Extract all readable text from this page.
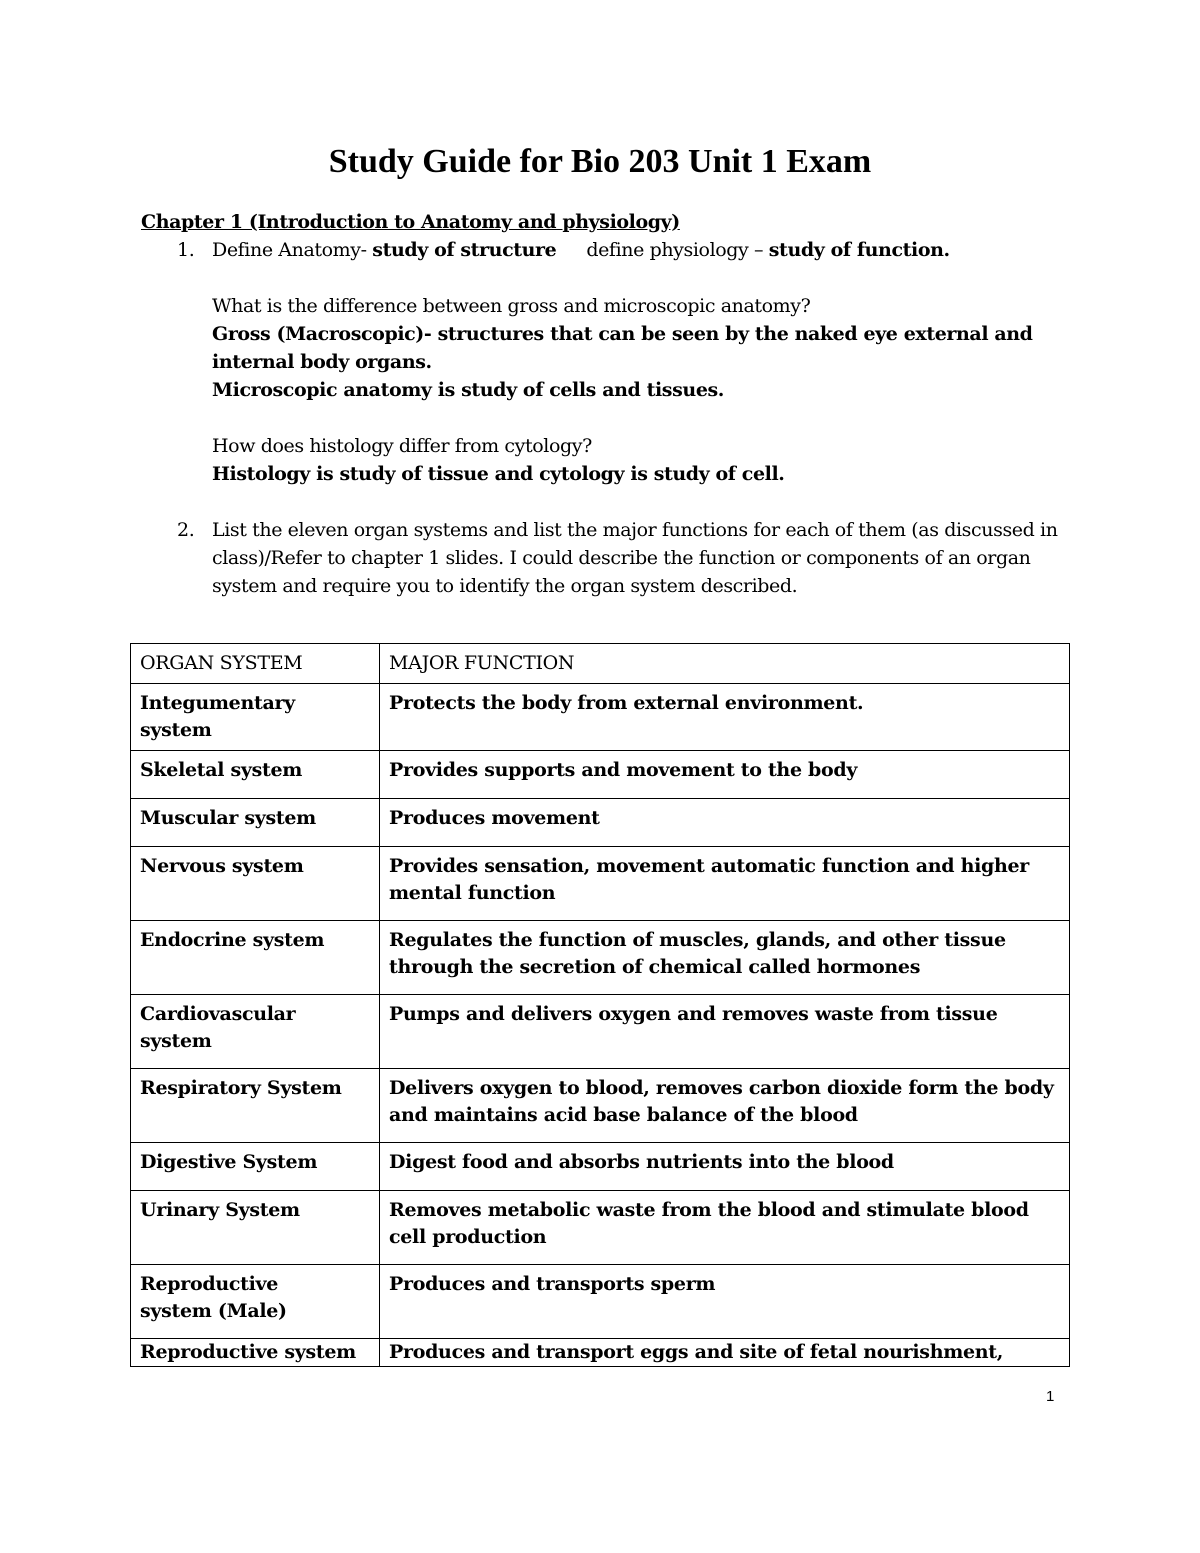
Study Guide for Bio 203 Unit 1 Exam

Chapter 1 (Introduction to Anatomy and physiology)

1. Define Anatomy- study of structure define physiology – study of function.
What is the difference between gross and microscopic anatomy?
Gross (Macroscopic)- structures that can be seen by the naked eye external and internal body organs.
Microscopic anatomy is study of cells and tissues.
How does histology differ from cytology?
Histology is study of tissue and cytology is study of cell.
2. List the eleven organ systems and list the major functions for each of them (as discussed in class)/Refer to chapter 1 slides. I could describe the function or components of an organ system and require you to identify the organ system described.
ORGAN SYSTEM	MAJOR FUNCTION
Integumentary system	Protects the body from external environment.
Skeletal system	Provides supports and movement to the body
Muscular system	Produces movement
Nervous system	Provides sensation, movement automatic function and higher mental function
Endocrine system	Regulates the function of muscles, glands, and other tissue through the secretion of chemical called hormones
Cardiovascular system	Pumps and delivers oxygen and removes waste from tissue
Respiratory System	Delivers oxygen to blood, removes carbon dioxide form the body and maintains acid base balance of the blood
Digestive System	Digest food and absorbs nutrients into the blood
Urinary System	Removes metabolic waste from the blood and stimulate blood cell production
Reproductive system (Male)	Produces and transports sperm
Reproductive system	Produces and transport eggs and site of fetal nourishment,
1
